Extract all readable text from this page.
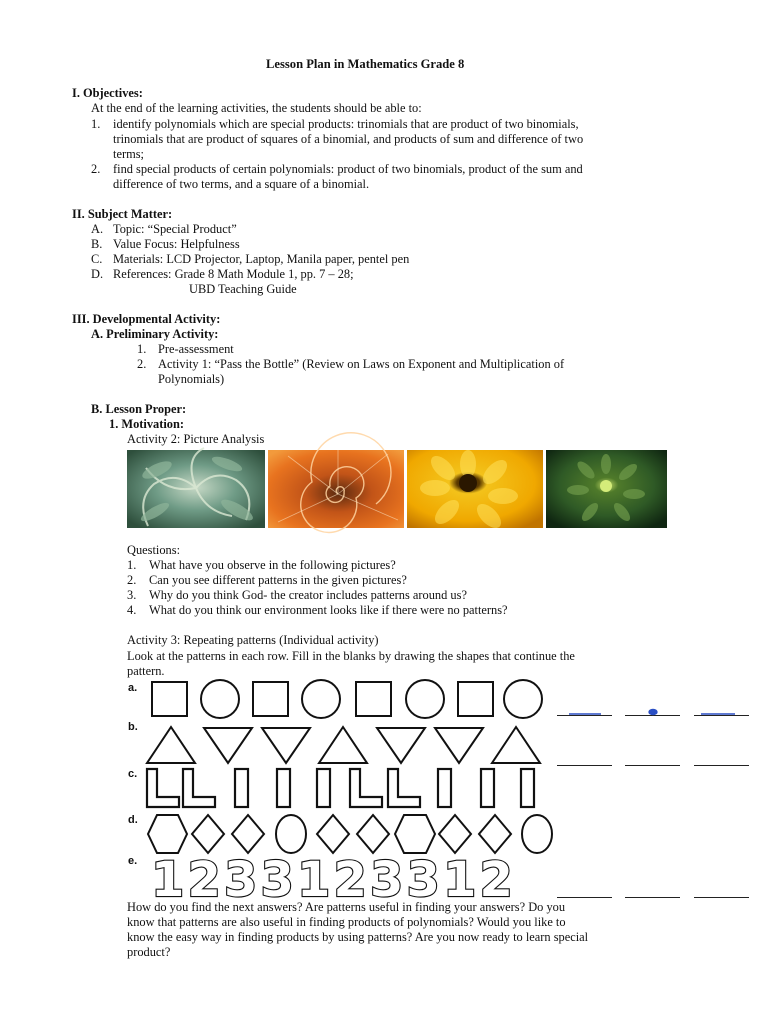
Lesson Plan in Mathematics Grade 8
I. Objectives:
At the end of the learning activities, the students should be able to:
1. identify polynomials which are special products: trinomials that are product of two binomials,
trinomials that are product of squares of a binomial, and products of sum and difference of two
terms;
2. find special products of certain polynomials: product of two binomials, product of the sum and
difference of two terms, and a square of a binomial.
II. Subject Matter:
A. Topic: “Special Product”
B. Value Focus: Helpfulness
C. Materials: LCD Projector, Laptop, Manila paper, pentel pen
D. References: Grade 8 Math Module 1, pp. 7 – 28;
UBD Teaching Guide
III. Developmental Activity:
A. Preliminary Activity:
1. Pre-assessment
2. Activity 1: “Pass the Bottle” (Review on Laws on Exponent and Multiplication of
Polynomials)
B. Lesson Proper:
1. Motivation:
Activity 2: Picture Analysis
Questions:
1. What have you observe in the following pictures?
2. Can you see different patterns in the given pictures?
3. Why do you think God- the creator includes patterns around us?
4. What do you think our environment looks like if there were no patterns?
Activity 3: Repeating patterns (Individual activity)
Look at the patterns in each row. Fill in the blanks by drawing the shapes that continue the
pattern.
a.
b.
c.
d.
e. 1 2 3 3 1 2 3 3 1 2
How do you find the next answers? Are patterns useful in finding your answers? Do you
know that patterns are also useful in finding products of polynomials? Would you like to
know the easy way in finding products by using patterns? Are you now ready to learn special
product?
